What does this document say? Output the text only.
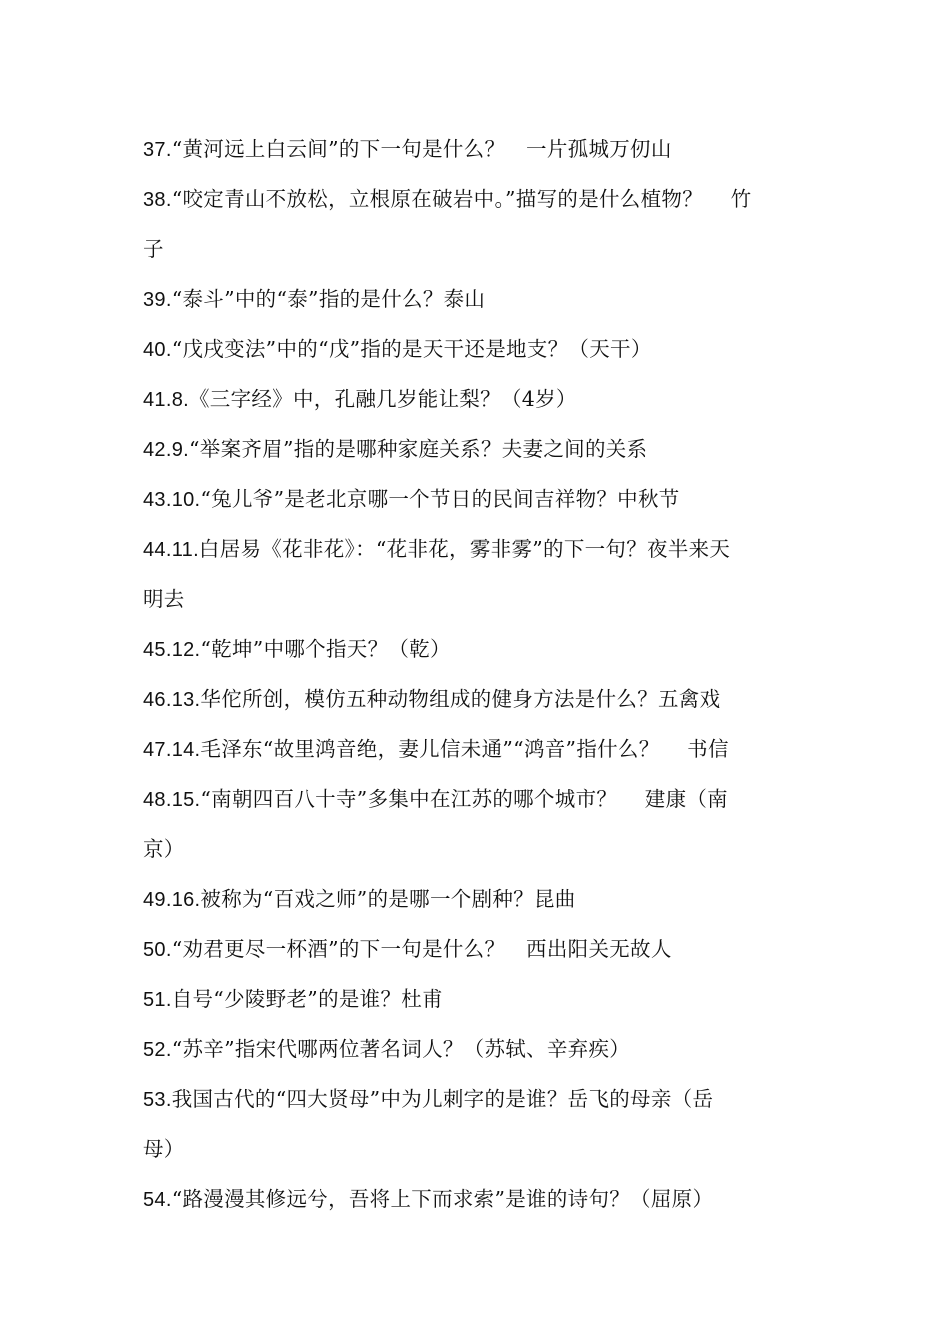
37.“黄河远上白云间”的下一句是什么？　一片孤城万仞山
38.“咬定青山不放松，立根原在破岩中。”描写的是什么植物？　 竹
子
39.“泰斗”中的“泰”指的是什么？泰山
40.“戊戌变法”中的“戊”指的是天干还是地支？（天干）
41.8.《三字经》中，孔融几岁能让梨？（4岁）
42.9.“举案齐眉”指的是哪种家庭关系？夫妻之间的关系
43.10.“兔儿爷”是老北京哪一个节日的民间吉祥物？中秋节
44.11.白居易《花非花》：“花非花，雾非雾”的下一句？夜半来天
明去
45.12.“乾坤”中哪个指天？（乾）
46.13.华佗所创，模仿五种动物组成的健身方法是什么？五禽戏
47.14.毛泽东“故里鸿音绝，妻儿信未通”“鸿音”指什么？　 书信
48.15.“南朝四百八十寺”多集中在江苏的哪个城市？　 建康（南
京）
49.16.被称为“百戏之师”的是哪一个剧种？昆曲
50.“劝君更尽一杯酒”的下一句是什么？　西出阳关无故人
51.自号“少陵野老”的是谁？杜甫
52.“苏辛”指宋代哪两位著名词人？（苏轼、辛弃疾）
53.我国古代的“四大贤母”中为儿刺字的是谁？岳飞的母亲（岳
母）
54.“路漫漫其修远兮，吾将上下而求索”是谁的诗句？（屈原）
